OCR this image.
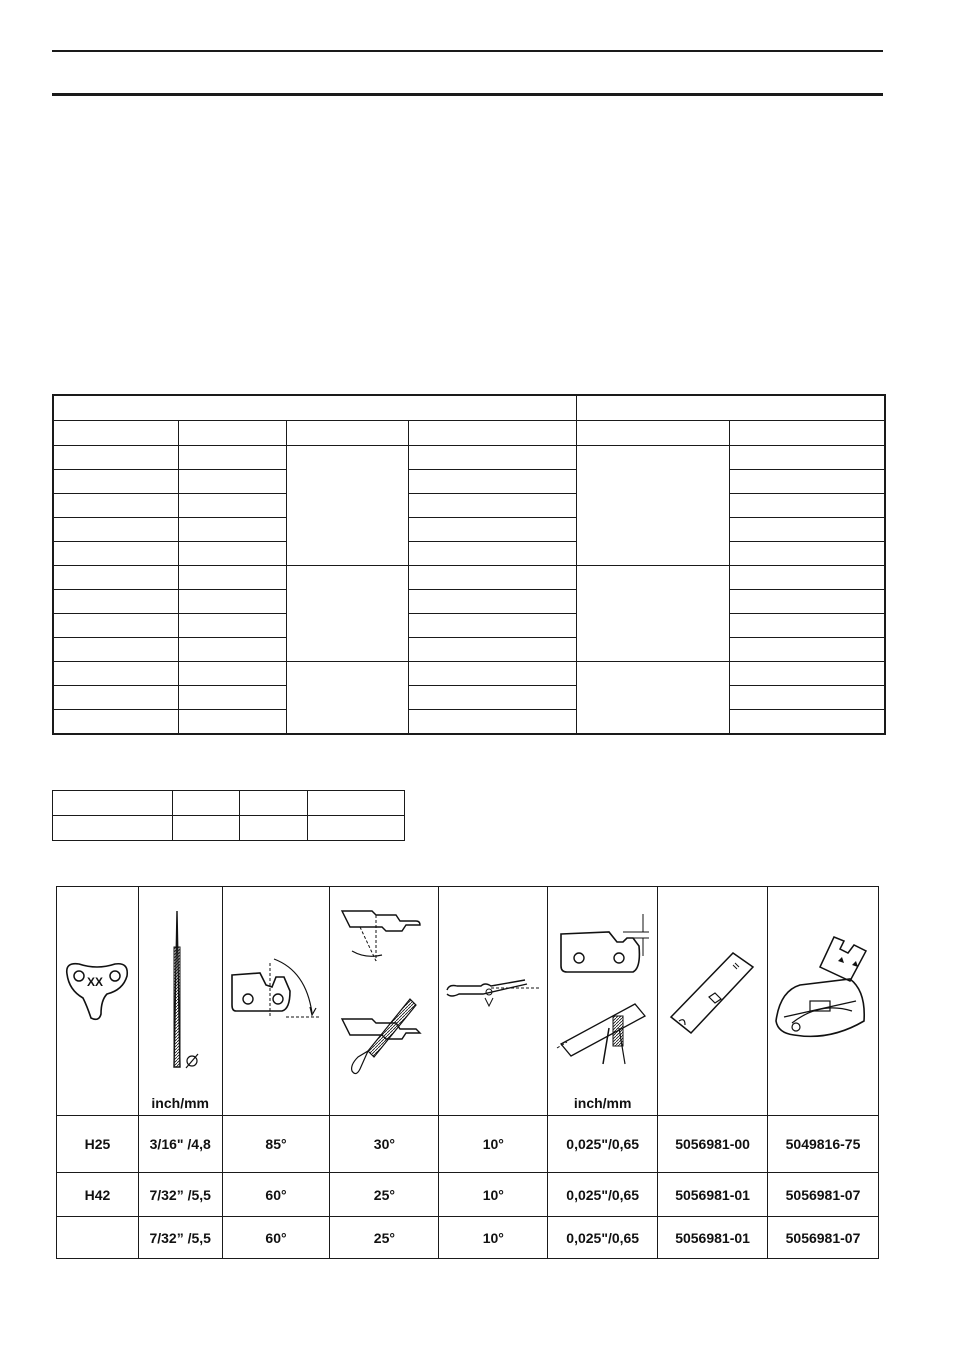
XX	inch/mm				inch/mm

H25	3/16" /4,8	85°	30°	10°	0,025"/0,65	5056981-00	5049816-75
H42	7/32” /5,5	60°	25°	10°	0,025"/0,65	5056981-01	5056981-07
	7/32” /5,5	60°	25°	10°	0,025"/0,65	5056981-01	5056981-07
